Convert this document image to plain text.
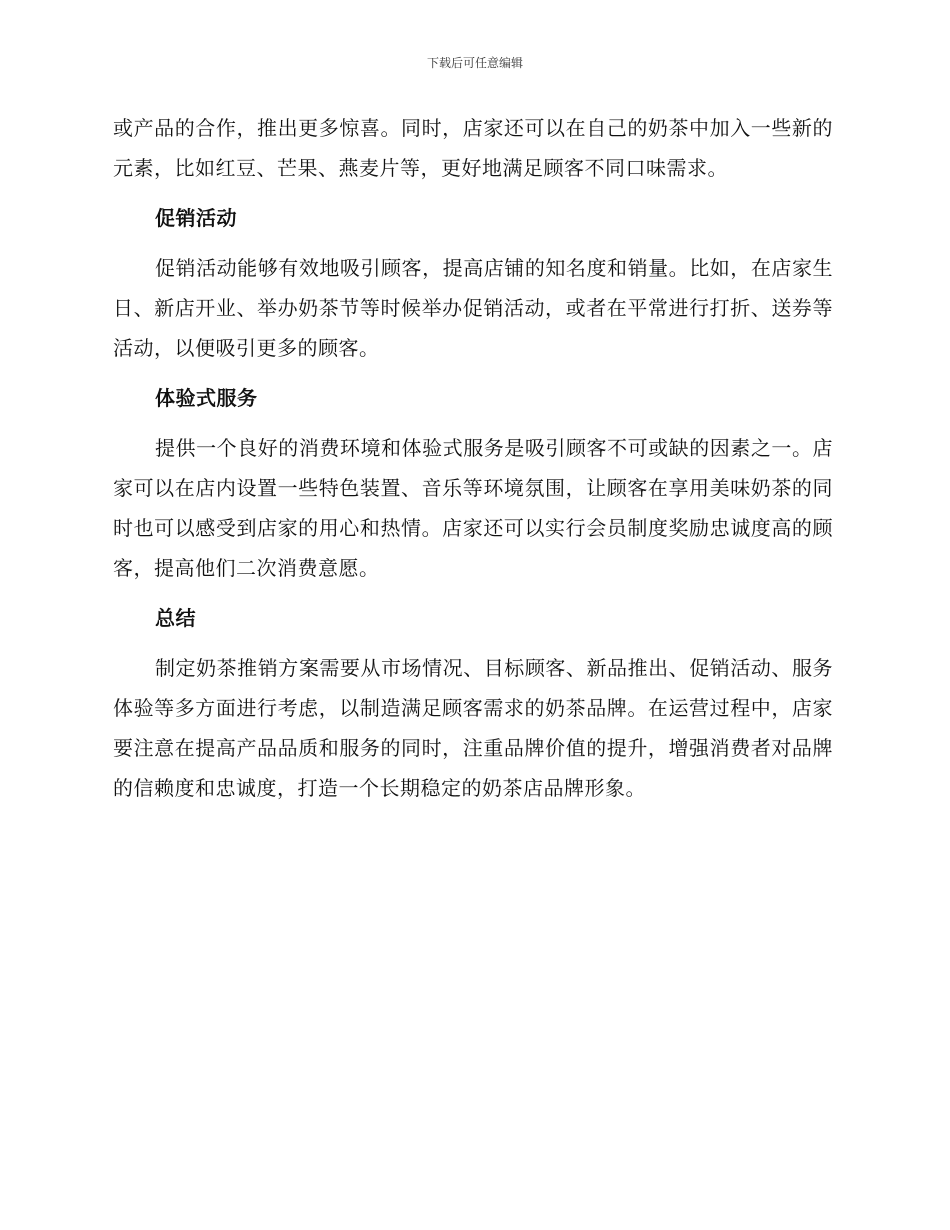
下载后可任意编辑

或产品的合作，推出更多惊喜。同时，店家还可以在自己的奶茶中加入一些新的元素，比如红豆、芒果、燕麦片等，更好地满足顾客不同口味需求。

促销活动

促销活动能够有效地吸引顾客，提高店铺的知名度和销量。比如，在店家生日、新店开业、举办奶茶节等时候举办促销活动，或者在平常进行打折、送券等活动，以便吸引更多的顾客。

体验式服务

提供一个良好的消费环境和体验式服务是吸引顾客不可或缺的因素之一。店家可以在店内设置一些特色装置、音乐等环境氛围，让顾客在享用美味奶茶的同时也可以感受到店家的用心和热情。店家还可以实行会员制度奖励忠诚度高的顾客，提高他们二次消费意愿。

总结

制定奶茶推销方案需要从市场情况、目标顾客、新品推出、促销活动、服务体验等多方面进行考虑，以制造满足顾客需求的奶茶品牌。在运营过程中，店家要注意在提高产品品质和服务的同时，注重品牌价值的提升，增强消费者对品牌的信赖度和忠诚度，打造一个长期稳定的奶茶店品牌形象。
